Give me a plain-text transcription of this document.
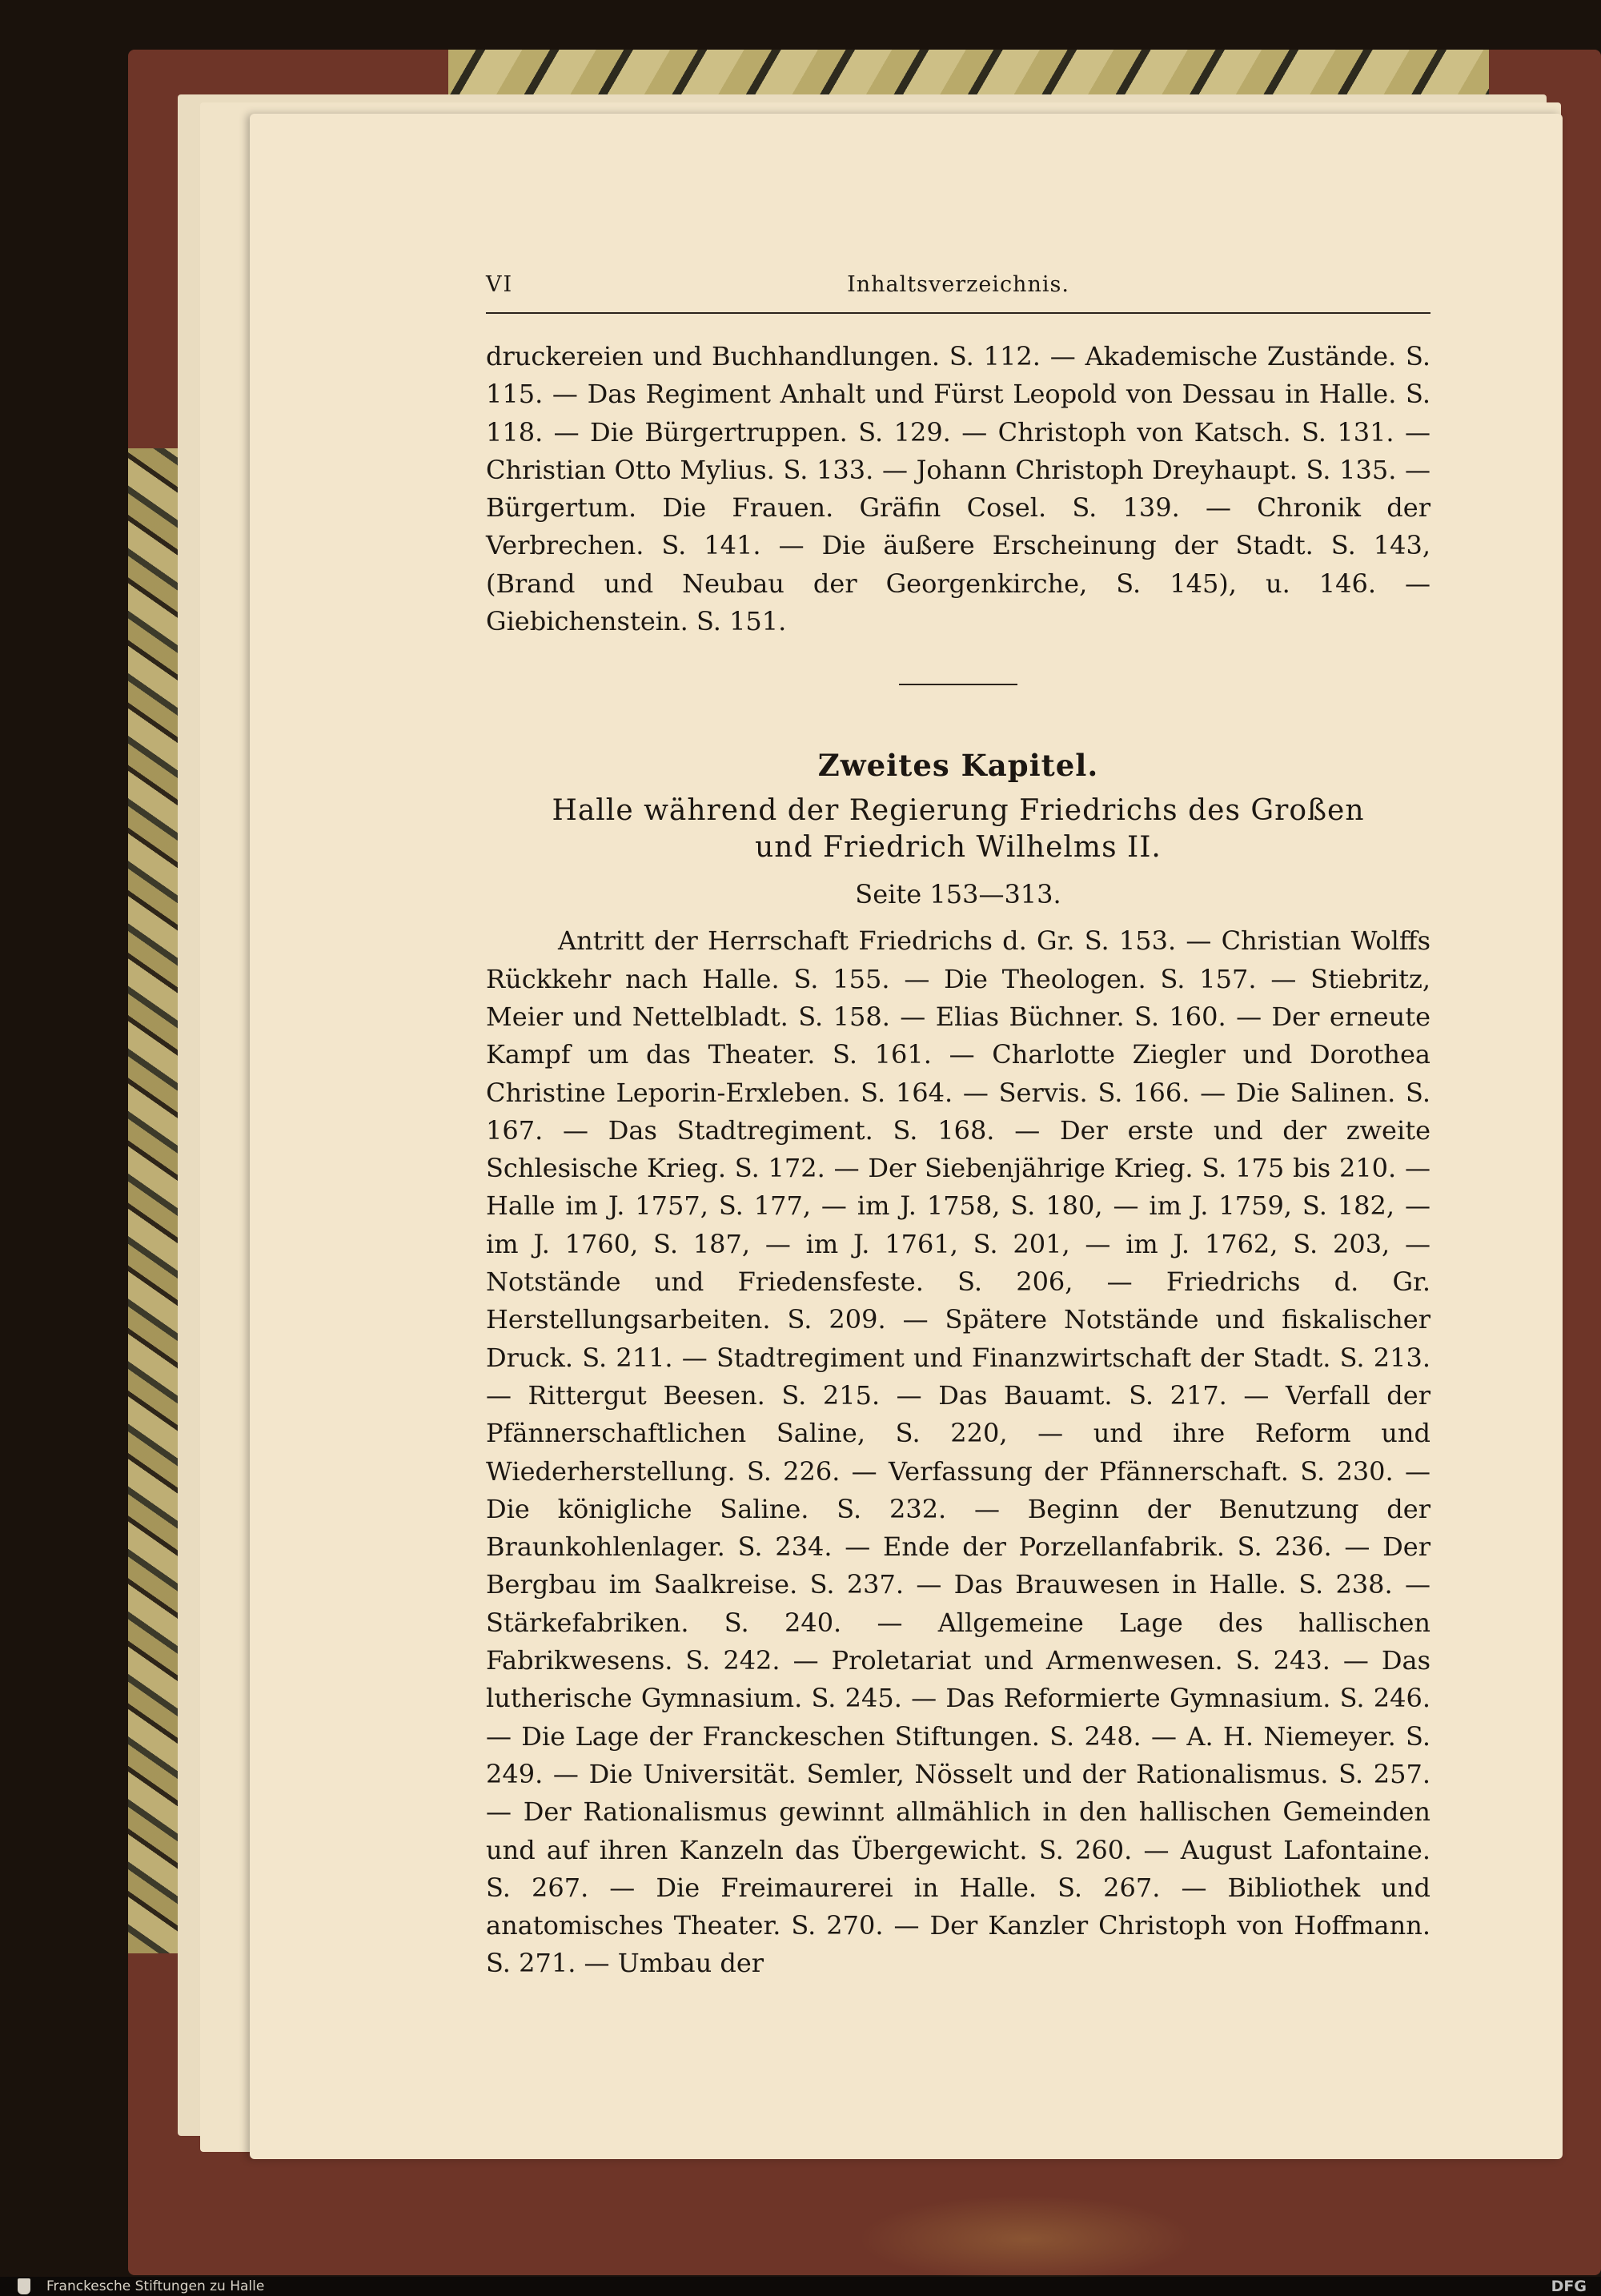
Inhaltsverzeichnis.
VI

druckereien und Buchhandlungen. S. 112. — Akademische Zustände. S. 115. — Das Regiment Anhalt und Fürst Leopold von Dessau in Halle. S. 118. — Die Bürgertruppen. S. 129. — Christoph von Katsch. S. 131. — Christian Otto Mylius. S. 133. — Johann Christoph Dreyhaupt. S. 135. — Bürgertum. Die Frauen. Gräfin Cosel. S. 139. — Chronik der Verbrechen. S. 141. — Die äußere Erscheinung der Stadt. S. 143, (Brand und Neubau der Georgenkirche, S. 145), u. 146. — Giebichenstein. S. 151.

Zweites Kapitel.
Halle während der Regierung Friedrichs des Großen
und Friedrich Wilhelms II.
Seite 153—313.

Antritt der Herrschaft Friedrichs d. Gr. S. 153. — Christian Wolffs Rückkehr nach Halle. S. 155. — Die Theologen. S. 157. — Stiebritz, Meier und Nettelbladt. S. 158. — Elias Büchner. S. 160. — Der erneute Kampf um das Theater. S. 161. — Charlotte Ziegler und Dorothea Christine Leporin-Erxleben. S. 164. — Servis. S. 166. — Die Salinen. S. 167. — Das Stadtregiment. S. 168. — Der erste und der zweite Schlesische Krieg. S. 172. — Der Siebenjährige Krieg. S. 175 bis 210. — Halle im J. 1757, S. 177, — im J. 1758, S. 180, — im J. 1759, S. 182, — im J. 1760, S. 187, — im J. 1761, S. 201, — im J. 1762, S. 203, — Notstände und Friedensfeste. S. 206, — Friedrichs d. Gr. Herstellungsarbeiten. S. 209. — Spätere Notstände und fiskalischer Druck. S. 211. — Stadtregiment und Finanzwirtschaft der Stadt. S. 213. — Rittergut Beesen. S. 215. — Das Bauamt. S. 217. — Verfall der Pfännerschaftlichen Saline, S. 220, — und ihre Reform und Wiederherstellung. S. 226. — Verfassung der Pfännerschaft. S. 230. — Die königliche Saline. S. 232. — Beginn der Benutzung der Braunkohlenlager. S. 234. — Ende der Porzellanfabrik. S. 236. — Der Bergbau im Saalkreise. S. 237. — Das Brauwesen in Halle. S. 238. — Stärkefabriken. S. 240. — Allgemeine Lage des hallischen Fabrikwesens. S. 242. — Proletariat und Armenwesen. S. 243. — Das lutherische Gymnasium. S. 245. — Das Reformierte Gymnasium. S. 246. — Die Lage der Franckeschen Stiftungen. S. 248. — A. H. Niemeyer. S. 249. — Die Universität. Semler, Nösselt und der Rationalismus. S. 257. — Der Rationalismus gewinnt allmählich in den hallischen Gemeinden und auf ihren Kanzeln das Übergewicht. S. 260. — August Lafontaine. S. 267. — Die Freimaurerei in Halle. S. 267. — Bibliothek und anatomisches Theater. S. 270. — Der Kanzler Christoph von Hoffmann. S. 271. — Umbau der

Franckesche Stiftungen zu Halle	DFG
